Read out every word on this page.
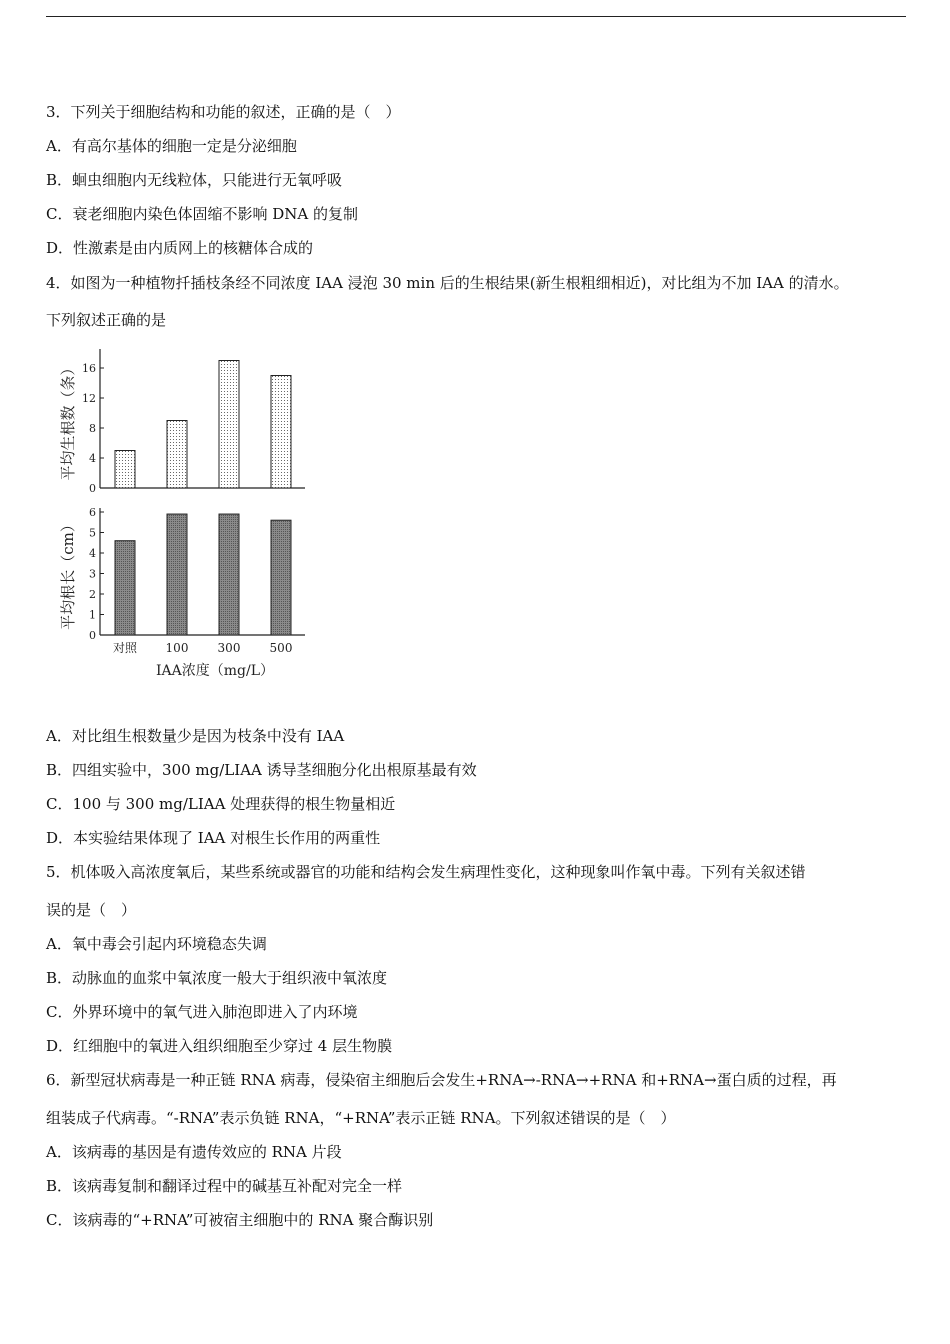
3．下列关于细胞结构和功能的叙述，正确的是（　）
A．有高尔基体的细胞一定是分泌细胞
B．蛔虫细胞内无线粒体，只能进行无氧呼吸
C．衰老细胞内染色体固缩不影响 DNA 的复制
D．性激素是由内质网上的核糖体合成的
4．如图为一种植物扦插枝条经不同浓度 IAA 浸泡 30 min 后的生根结果(新生根粗细相近)，对比组为不加 IAA 的清水。
下列叙述正确的是
0
4
8
12
16
平均生根数（条）
0
1
2
3
4
5
6
平均根长（cm）
对照 100 300 500
IAA浓度（mg/L）
A．对比组生根数量少是因为枝条中没有 IAA
B．四组实验中，300 mg/LIAA 诱导茎细胞分化出根原基最有效
C．100 与 300 mg/LIAA 处理获得的根生物量相近
D．本实验结果体现了 IAA 对根生长作用的两重性
5．机体吸入高浓度氧后，某些系统或器官的功能和结构会发生病理性变化，这种现象叫作氧中毒。下列有关叙述错
误的是（　）
A．氧中毒会引起内环境稳态失调
B．动脉血的血浆中氧浓度一般大于组织液中氧浓度
C．外界环境中的氧气进入肺泡即进入了内环境
D．红细胞中的氧进入组织细胞至少穿过 4 层生物膜
6．新型冠状病毒是一种正链 RNA 病毒，侵染宿主细胞后会发生+RNA→-RNA→+RNA 和+RNA→蛋白质的过程，再
组装成子代病毒。“-RNA”表示负链 RNA，“+RNA”表示正链 RNA。下列叙述错误的是（　）
A．该病毒的基因是有遗传效应的 RNA 片段
B．该病毒复制和翻译过程中的碱基互补配对完全一样
C．该病毒的“+RNA”可被宿主细胞中的 RNA 聚合酶识别
